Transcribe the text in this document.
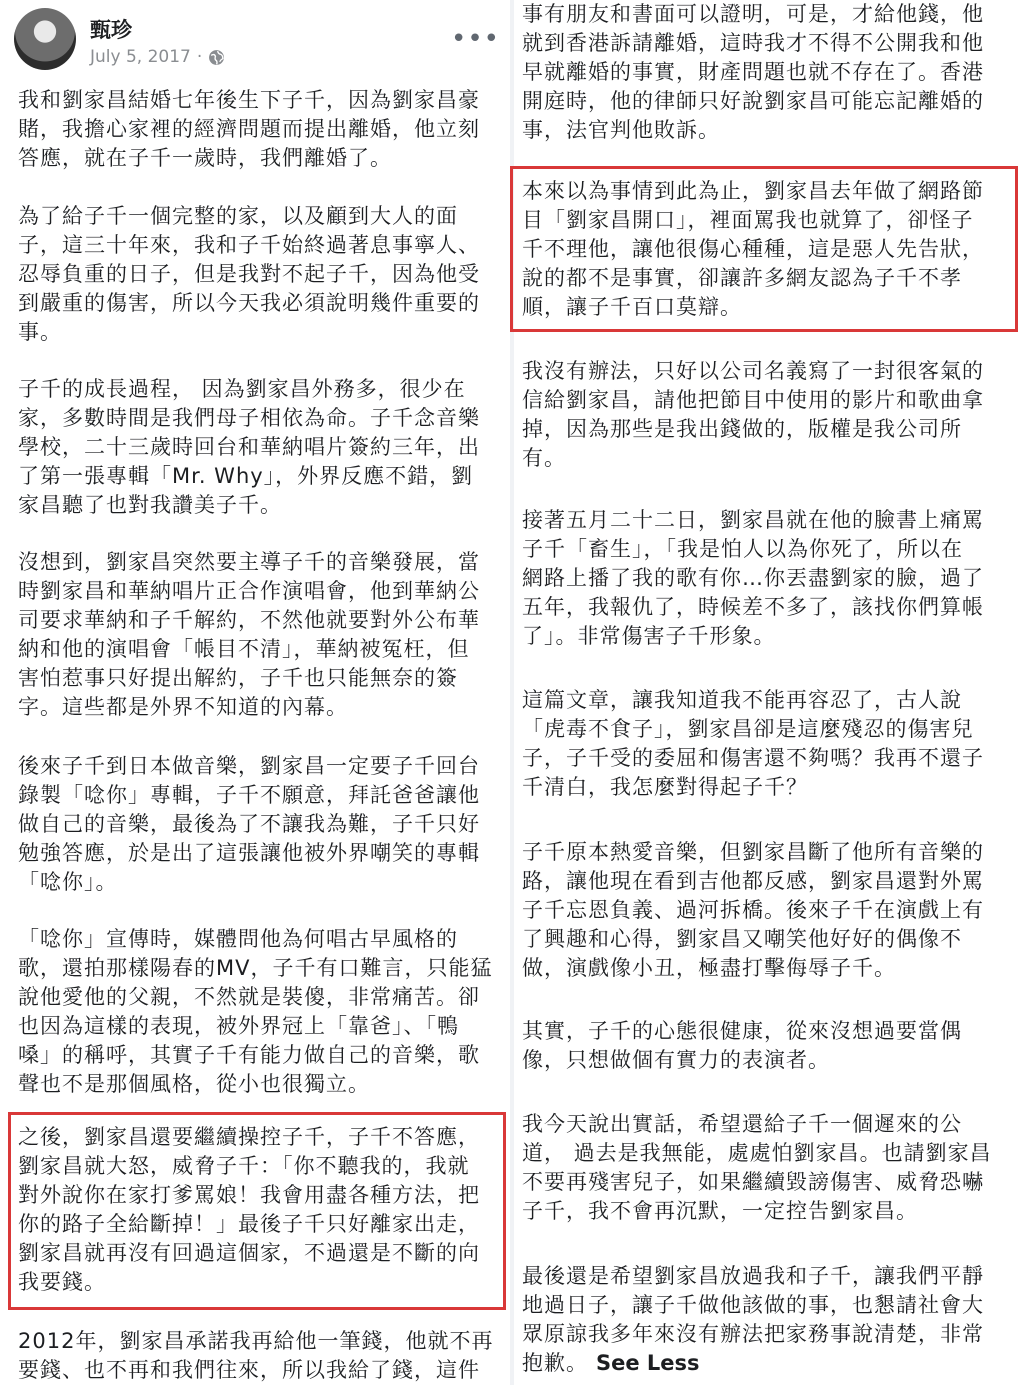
甄珍
July 5, 2017 ·
•••

我和劉家昌結婚七年後生下子千，因為劉家昌豪
賭，我擔心家裡的經濟問題而提出離婚，他立刻
答應，就在子千一歲時，我們離婚了。

為了給子千一個完整的家，以及顧到大人的面
子，這三十年來，我和子千始終過著息事寧人、
忍辱負重的日子，但是我對不起子千，因為他受
到嚴重的傷害，所以今天我必須說明幾件重要的
事。

子千的成長過程， 因為劉家昌外務多，很少在
家，多數時間是我們母子相依為命。子千念音樂
學校，二十三歲時回台和華納唱片簽約三年，出
了第一張專輯「Mr. Why」，外界反應不錯，劉
家昌聽了也對我讚美子千。

沒想到，劉家昌突然要主導子千的音樂發展，當
時劉家昌和華納唱片正合作演唱會，他到華納公
司要求華納和子千解約，不然他就要對外公布華
納和他的演唱會「帳目不清」，華納被冤枉，但
害怕惹事只好提出解約，子千也只能無奈的簽
字。這些都是外界不知道的內幕。

後來子千到日本做音樂，劉家昌一定要子千回台
錄製「唸你」專輯，子千不願意，拜託爸爸讓他
做自己的音樂，最後為了不讓我為難，子千只好
勉強答應，於是出了這張讓他被外界嘲笑的專輯
「唸你」。

「唸你」宣傳時，媒體問他為何唱古早風格的
歌，還拍那樣陽春的MV，子千有口難言，只能猛
說他愛他的父親，不然就是裝傻，非常痛苦。卻
也因為這樣的表現，被外界冠上「靠爸」、「鴨
嗓」的稱呼，其實子千有能力做自己的音樂，歌
聲也不是那個風格，從小也很獨立。

之後，劉家昌還要繼續操控子千，子千不答應，
劉家昌就大怒，威脅子千：「你不聽我的，我就
對外說你在家打爹罵娘！我會用盡各種方法，把
你的路子全給斷掉！」最後子千只好離家出走，
劉家昌就再沒有回過這個家，不過還是不斷的向
我要錢。

2012年，劉家昌承諾我再給他一筆錢，他就不再
要錢、也不再和我們往來，所以我給了錢，這件

事有朋友和書面可以證明，可是，才給他錢，他
就到香港訴請離婚，這時我才不得不公開我和他
早就離婚的事實，財產問題也就不存在了。香港
開庭時，他的律師只好說劉家昌可能忘記離婚的
事，法官判他敗訴。

本來以為事情到此為止，劉家昌去年做了網路節
目「劉家昌開口」，裡面罵我也就算了，卻怪子
千不理他，讓他很傷心種種，這是惡人先告狀，
說的都不是事實，卻讓許多網友認為子千不孝
順，讓子千百口莫辯。

我沒有辦法，只好以公司名義寫了一封很客氣的
信給劉家昌，請他把節目中使用的影片和歌曲拿
掉，因為那些是我出錢做的，版權是我公司所
有。

接著五月二十二日，劉家昌就在他的臉書上痛罵
子千「畜生」，「我是怕人以為你死了，所以在
網路上播了我的歌有你…你丟盡劉家的臉，過了
五年，我報仇了，時候差不多了，該找你們算帳
了」。非常傷害子千形象。

這篇文章，讓我知道我不能再容忍了，古人說
「虎毒不食子」，劉家昌卻是這麼殘忍的傷害兒
子，子千受的委屈和傷害還不夠嗎？我再不還子
千清白，我怎麼對得起子千？

子千原本熱愛音樂，但劉家昌斷了他所有音樂的
路，讓他現在看到吉他都反感，劉家昌還對外罵
子千忘恩負義、過河拆橋。後來子千在演戲上有
了興趣和心得，劉家昌又嘲笑他好好的偶像不
做，演戲像小丑，極盡打擊侮辱子千。

其實，子千的心態很健康，從來沒想過要當偶
像，只想做個有實力的表演者。

我今天說出實話，希望還給子千一個遲來的公
道， 過去是我無能，處處怕劉家昌。也請劉家昌
不要再殘害兒子，如果繼續毀謗傷害、威脅恐嚇
子千，我不會再沉默，一定控告劉家昌。

最後還是希望劉家昌放過我和子千，讓我們平靜
地過日子，讓子千做他該做的事，也懇請社會大
眾原諒我多年來沒有辦法把家務事說清楚，非常
抱歉。 See Less
